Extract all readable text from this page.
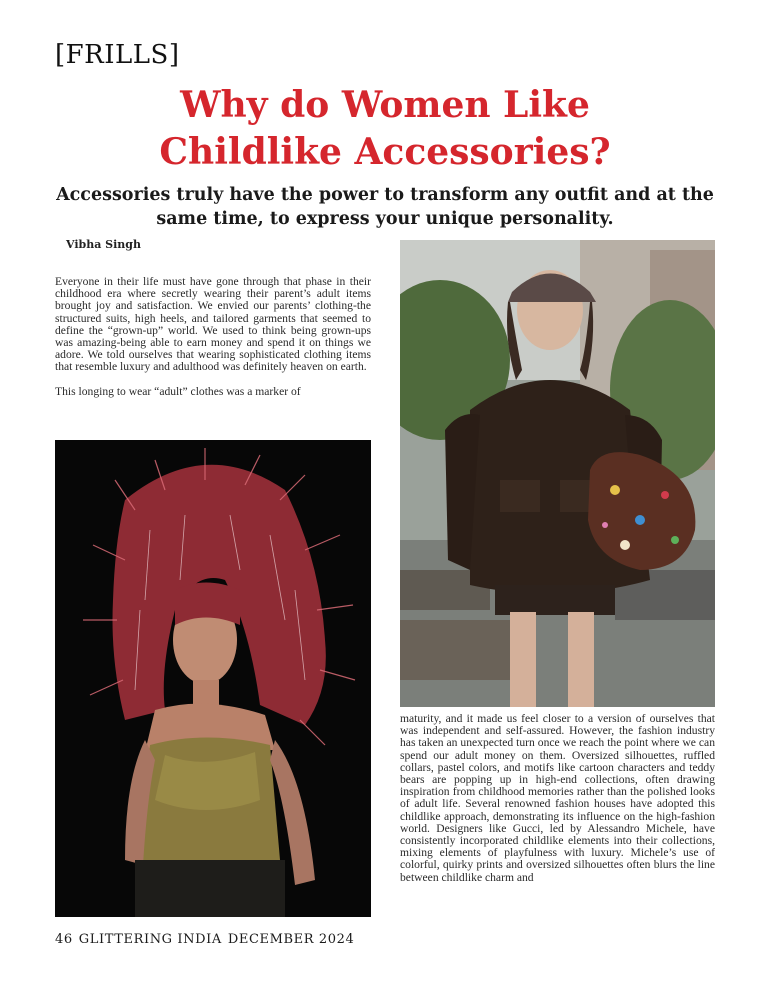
[FRILLS]
Why do Women Like
Childlike Accessories?

Accessories truly have the power to transform any outfit and at the same time, to express your unique personality.

Vibha Singh

Everyone in their life must have gone through that phase in their childhood era where secretly wearing their parent’s adult items brought joy and satisfaction. We envied our parents’ clothing-the structured suits, high heels, and tailored garments that seemed to define the “grown-up” world. We used to think being grown-ups was amazing-being able to earn money and spend it on things we adore. We told ourselves that wearing sophisticated clothing items that resemble luxury and adulthood was definitely heaven on earth.

This longing to wear “adult” clothes was a marker of

maturity, and it made us feel closer to a version of ourselves that was independent and self-assured. However, the fashion industry has taken an unexpected turn once we reach the point where we can spend our adult money on them. Oversized silhouettes, ruffled collars, pastel colors, and motifs like cartoon characters and teddy bears are popping up in high-end collections, often drawing inspiration from childhood memories rather than the polished looks of adult life. Several renowned fashion houses have adopted this childlike approach, demonstrating its influence on the high-fashion world. Designers like Gucci, led by Alessandro Michele, have consistently incorporated childlike elements into their collections, mixing elements of playfulness with luxury. Michele’s use of colorful, quirky prints and oversized silhouettes often blurs the line between childlike charm and

46 GLITTERING INDIA DECEMBER 2024
